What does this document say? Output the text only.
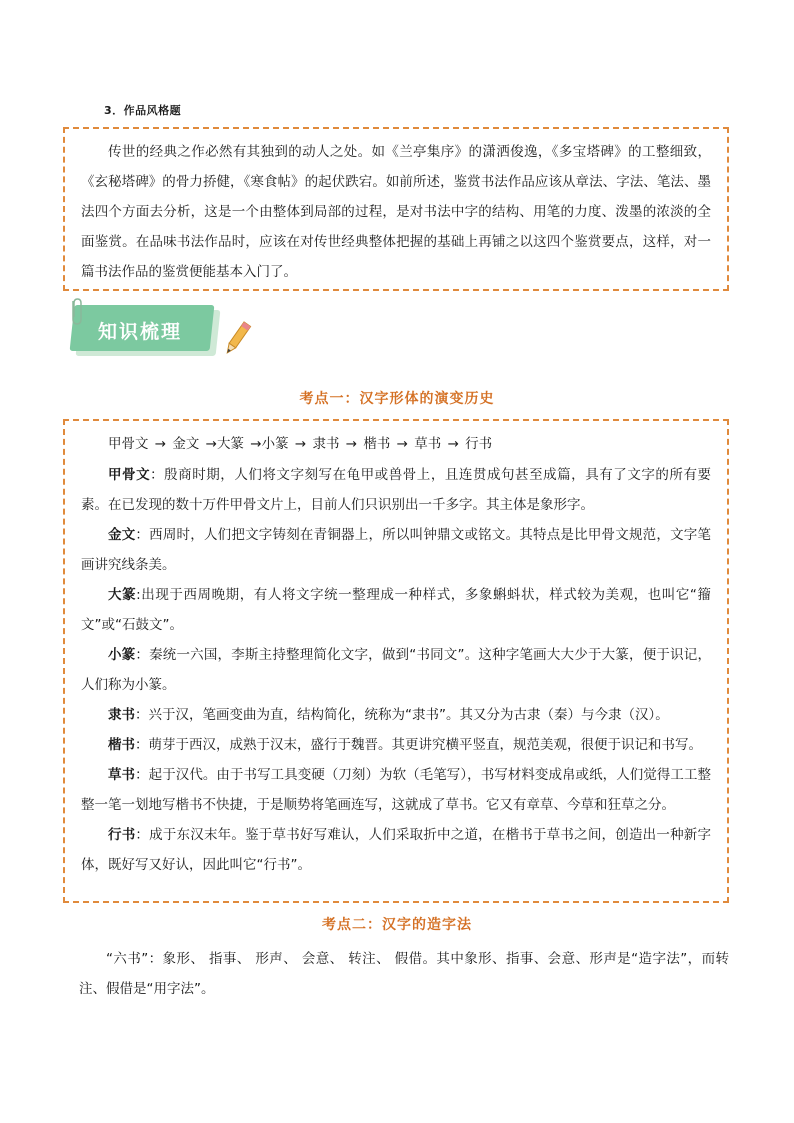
3．作品风格题

传世的经典之作必然有其独到的动人之处。如《兰亭集序》的潇洒俊逸，《多宝塔碑》的工整细致，《玄秘塔碑》的骨力挢健，《寒食帖》的起伏跌宕。如前所述，鉴赏书法作品应该从章法、字法、笔法、墨法四个方面去分析，这是一个由整体到局部的过程，是对书法中字的结构、用笔的力度、泼墨的浓淡的全面鉴赏。在品味书法作品时，应该在对传世经典整体把握的基础上再铺之以这四个鉴赏要点，这样，对一篇书法作品的鉴赏便能基本入门了。

知识梳理
考点一：汉字形体的演变历史

甲骨文 → 金文 →大篆 →小篆 → 隶书 → 楷书 → 草书 → 行书

甲骨文：殷商时期，人们将文字刻写在龟甲或兽骨上，且连贯成句甚至成篇，具有了文字的所有要素。在已发现的数十万件甲骨文片上，目前人们只识别出一千多字。其主体是象形字。

金文：西周时，人们把文字铸刻在青铜器上，所以叫钟鼎文或铭文。其特点是比甲骨文规范，文字笔画讲究线条美。

大篆:出现于西周晚期，有人将文字统一整理成一种样式，多象蝌蚪状，样式较为美观，也叫它“籀文”或“石鼓文”。

小篆：秦统一六国，李斯主持整理简化文字，做到“书同文”。这种字笔画大大少于大篆，便于识记，人们称为小篆。

隶书：兴于汉，笔画变曲为直，结构简化，统称为“隶书”。其又分为古隶（秦）与今隶（汉）。

楷书：萌芽于西汉，成熟于汉末，盛行于魏晋。其更讲究横平竖直，规范美观，很便于识记和书写。

草书：起于汉代。由于书写工具变硬（刀刻）为软（毛笔写），书写材料变成帛或纸，人们觉得工工整整一笔一划地写楷书不快捷，于是顺势将笔画连写，这就成了草书。它又有章草、今草和狂草之分。

行书：成于东汉末年。鉴于草书好写难认，人们采取折中之道，在楷书于草书之间，创造出一种新字体，既好写又好认，因此叫它“行书”。

考点二：汉字的造字法

“六书”：象形、 指事、 形声、 会意、 转注、 假借。其中象形、指事、会意、形声是“造字法”，而转注、假借是“用字法”。
